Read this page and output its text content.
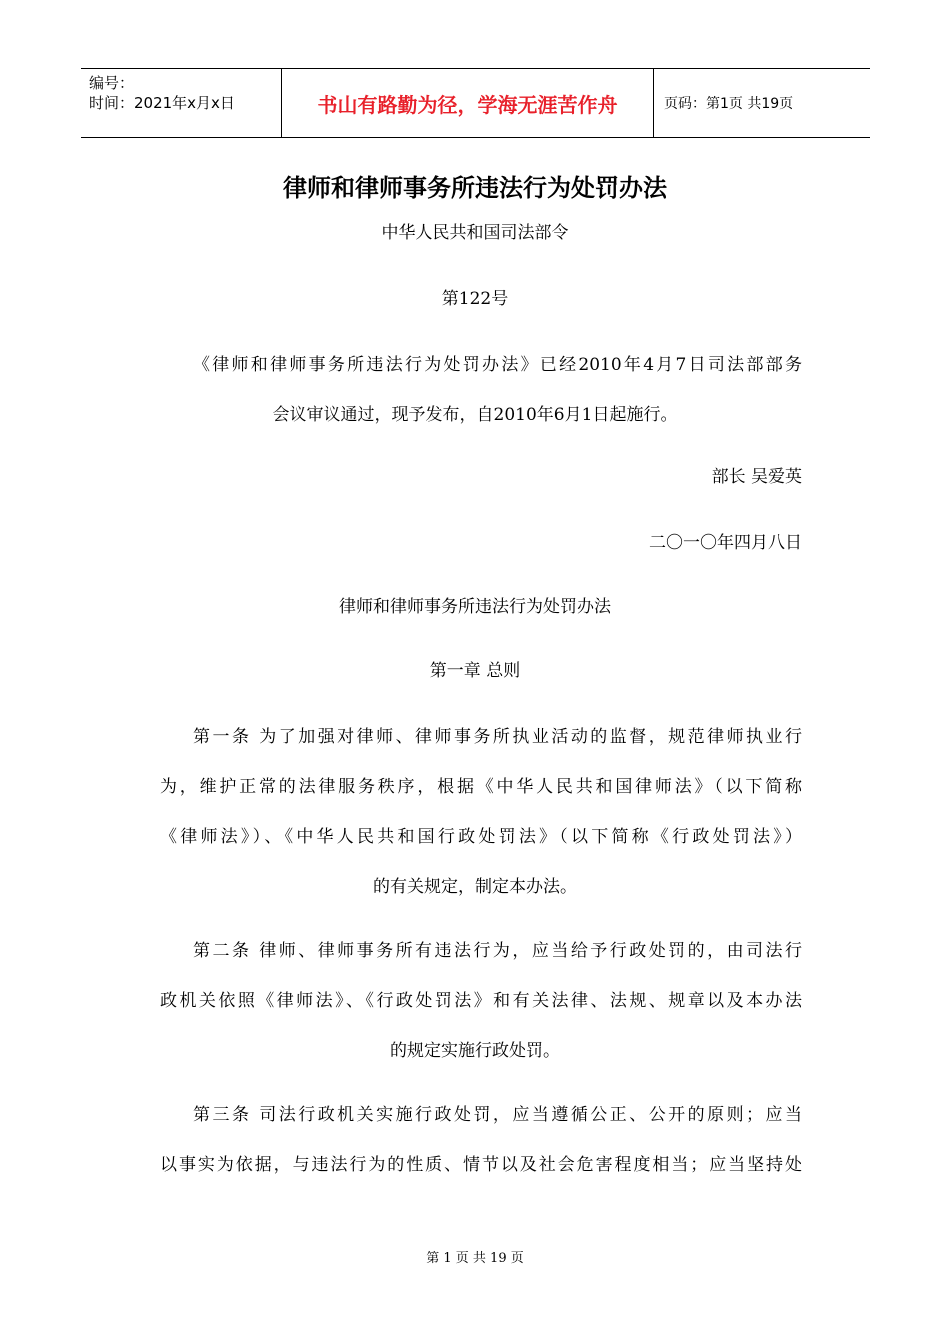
编号：
时间：2021年x月x日	书山有路勤为径，学海无涯苦作舟	页码：第1页 共19页
律师和律师事务所违法行为处罚办法
中华人民共和国司法部令
第122号
《律师和律师事务所违法行为处罚办法》已经2010年4月7日司法部部务
会议审议通过，现予发布，自2010年6月1日起施行。
部长 吴爱英
二〇一〇年四月八日
律师和律师事务所违法行为处罚办法
第一章 总则
第一条 为了加强对律师、律师事务所执业活动的监督，规范律师执业行
为，维护正常的法律服务秩序，根据《中华人民共和国律师法》（以下简称
《律师法》）、《中华人民共和国行政处罚法》（以下简称《行政处罚法》）
的有关规定，制定本办法。
第二条 律师、律师事务所有违法行为，应当给予行政处罚的，由司法行
政机关依照《律师法》、《行政处罚法》和有关法律、法规、规章以及本办法
的规定实施行政处罚。
第三条 司法行政机关实施行政处罚，应当遵循公正、公开的原则；应当
以事实为依据，与违法行为的性质、情节以及社会危害程度相当；应当坚持处
第 1 页 共 19 页
